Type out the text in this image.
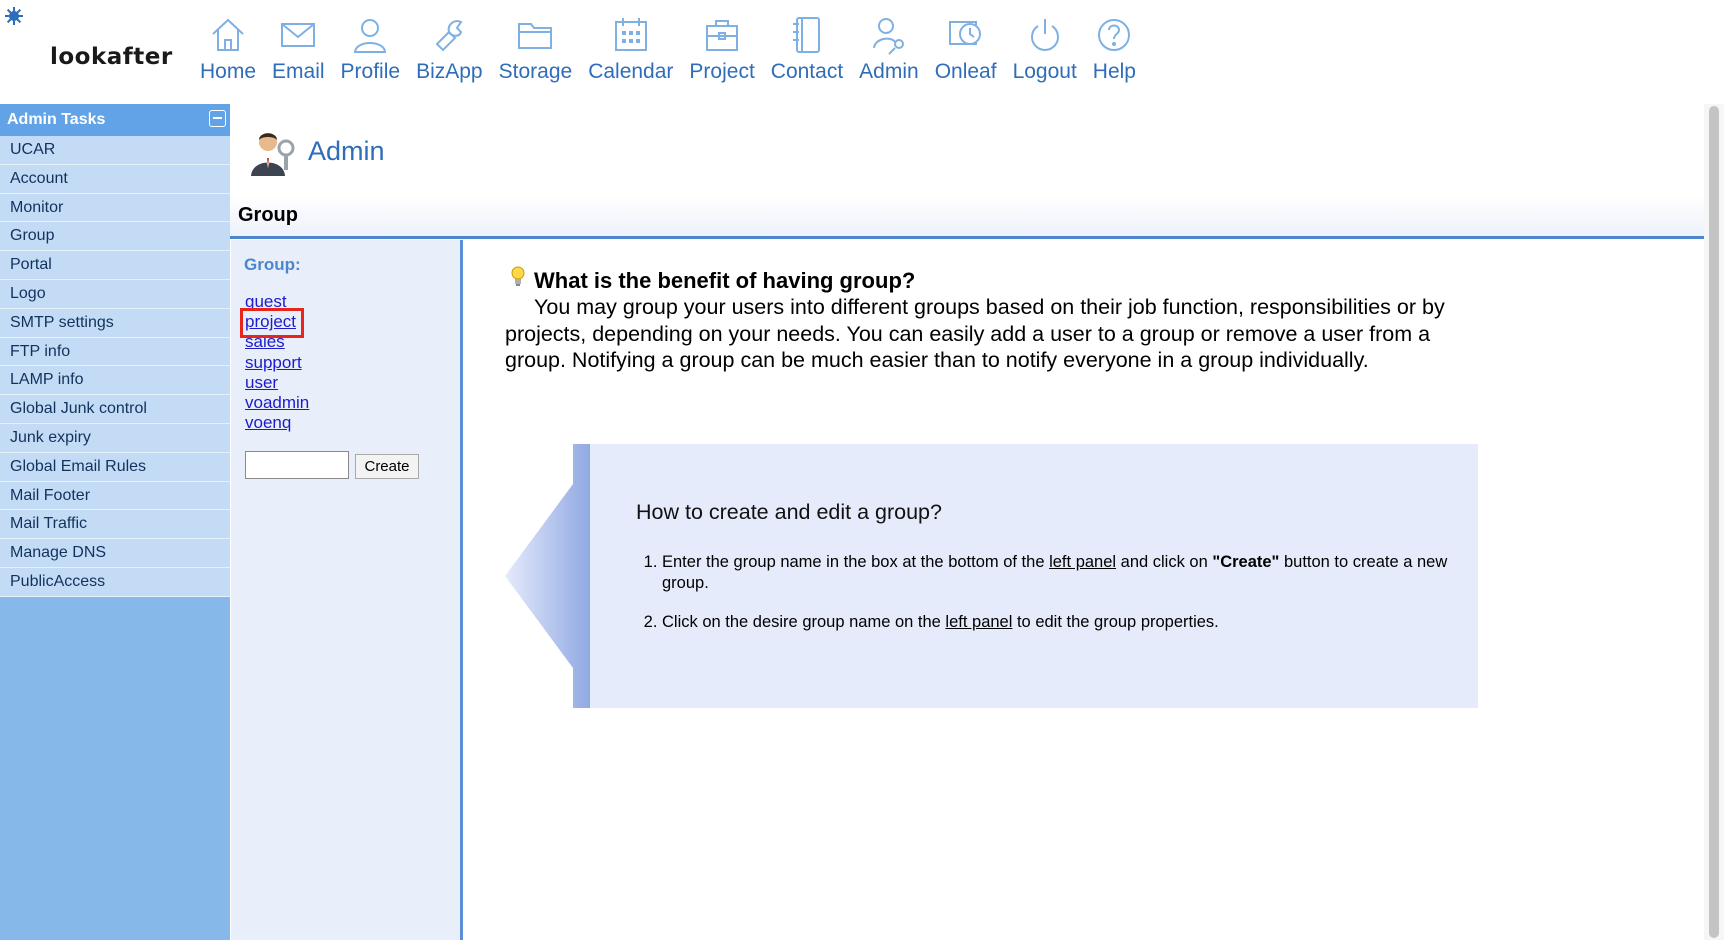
lookafter
Home Email Profile BizApp Storage Calendar Project Contact Admin Onleaf Logout Help
Admin Tasks
UCAR
Account
Monitor
Group
Portal
Logo
SMTP settings
FTP info
LAMP info
Global Junk control
Junk expiry
Global Email Rules
Mail Footer
Mail Traffic
Manage DNS
PublicAccess
Admin
Group
Group:
guest
project
sales
support
user
voadmin
voenq
Create
What is the benefit of having group?

You may group your users into different groups based on their job function, responsibilities or by projects, depending on your needs. You can easily add a user to a group or remove a user from a group. Notifying a group can be much easier than to notify everyone in a group individually.

How to create and edit a group?
1. Enter the group name in the box at the bottom of the left panel and click on "Create" button to create a new group.
2. Click on the desire group name on the left panel to edit the group properties.
